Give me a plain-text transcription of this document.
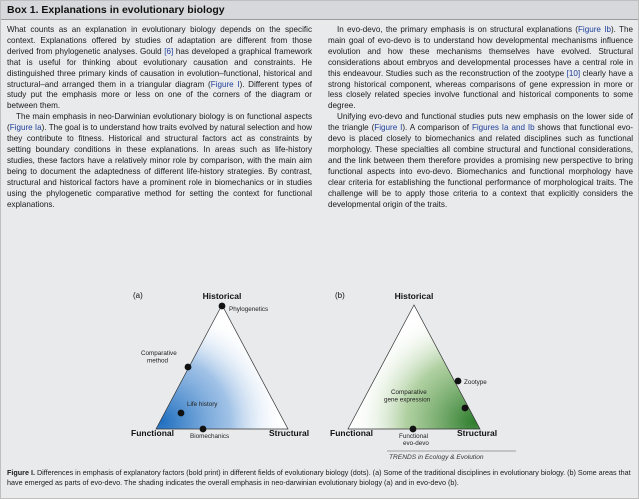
Box 1. Explanations in evolutionary biology

What counts as an explanation in evolutionary biology depends on the specific context. Explanations offered by studies of adaptation are different from those derived from phylogenetic analyses. Gould [6] has developed a graphical framework that is useful for thinking about evolutionary causation and constraints. He distinguished three primary kinds of causation in evolution–functional, historical and structural–and arranged them in a triangular diagram (Figure I). Different types of study put the emphasis more or less on one of the corners of the diagram or between them.

The main emphasis in neo-Darwinian evolutionary biology is on functional aspects (Figure Ia). The goal is to understand how traits evolved by natural selection and how they contribute to fitness. Historical and structural factors act as constraints by setting boundary conditions in these explanations. In areas such as life-history studies, these factors have a relatively minor role by comparison, with the main aim being to document the adaptedness of different life-history strategies. By contrast, structural and historical factors have a prominent role in biomechanics or in studies using the phylogenetic comparative method for setting the context for functional explanations.

In evo-devo, the primary emphasis is on structural explanations (Figure Ib). The main goal of evo-devo is to understand how developmental mechanisms influence evolution and how these mechanisms themselves have evolved. Structural considerations about embryos and developmental processes have a central role in this endeavour. Studies such as the reconstruction of the zootype [10] clearly have a strong historical component, whereas comparisons of gene expression in more or less closely related species involve functional and historical components to some degree.

Unifying evo-devo and functional studies puts new emphasis on the lower side of the triangle (Figure I). A comparison of Figures Ia and Ib shows that functional evo-devo is placed closely to biomechanics and related disciplines such as functional morphology. These specialties all combine structural and functional considerations, and the link between them therefore provides a promising new perspective to bring functional aspects into evo-devo. Biomechanics and functional morphology have clear criteria for establishing the functional performance of morphological traits. The challenge will be to apply those criteria to a context that explicitly considers the developmental origin of the traits.

(a)	Historical
Functional	Structural
Phylogenetics
Comparative method
Life history
Biomechanics
(b)	Historical
Functional	Structural
Zootype
Comparative gene expression
Functional evo-devo
TRENDS in Ecology & Evolution
Figure I. Differences in emphasis of explanatory factors (bold print) in different fields of evolutionary biology (dots). (a) Some of the traditional disciplines in evolutionary biology. (b) Some areas that have emerged as parts of evo-devo. The shading indicates the overall emphasis in neo-darwinian evolutionary biology (a) and in evo-devo (b).
